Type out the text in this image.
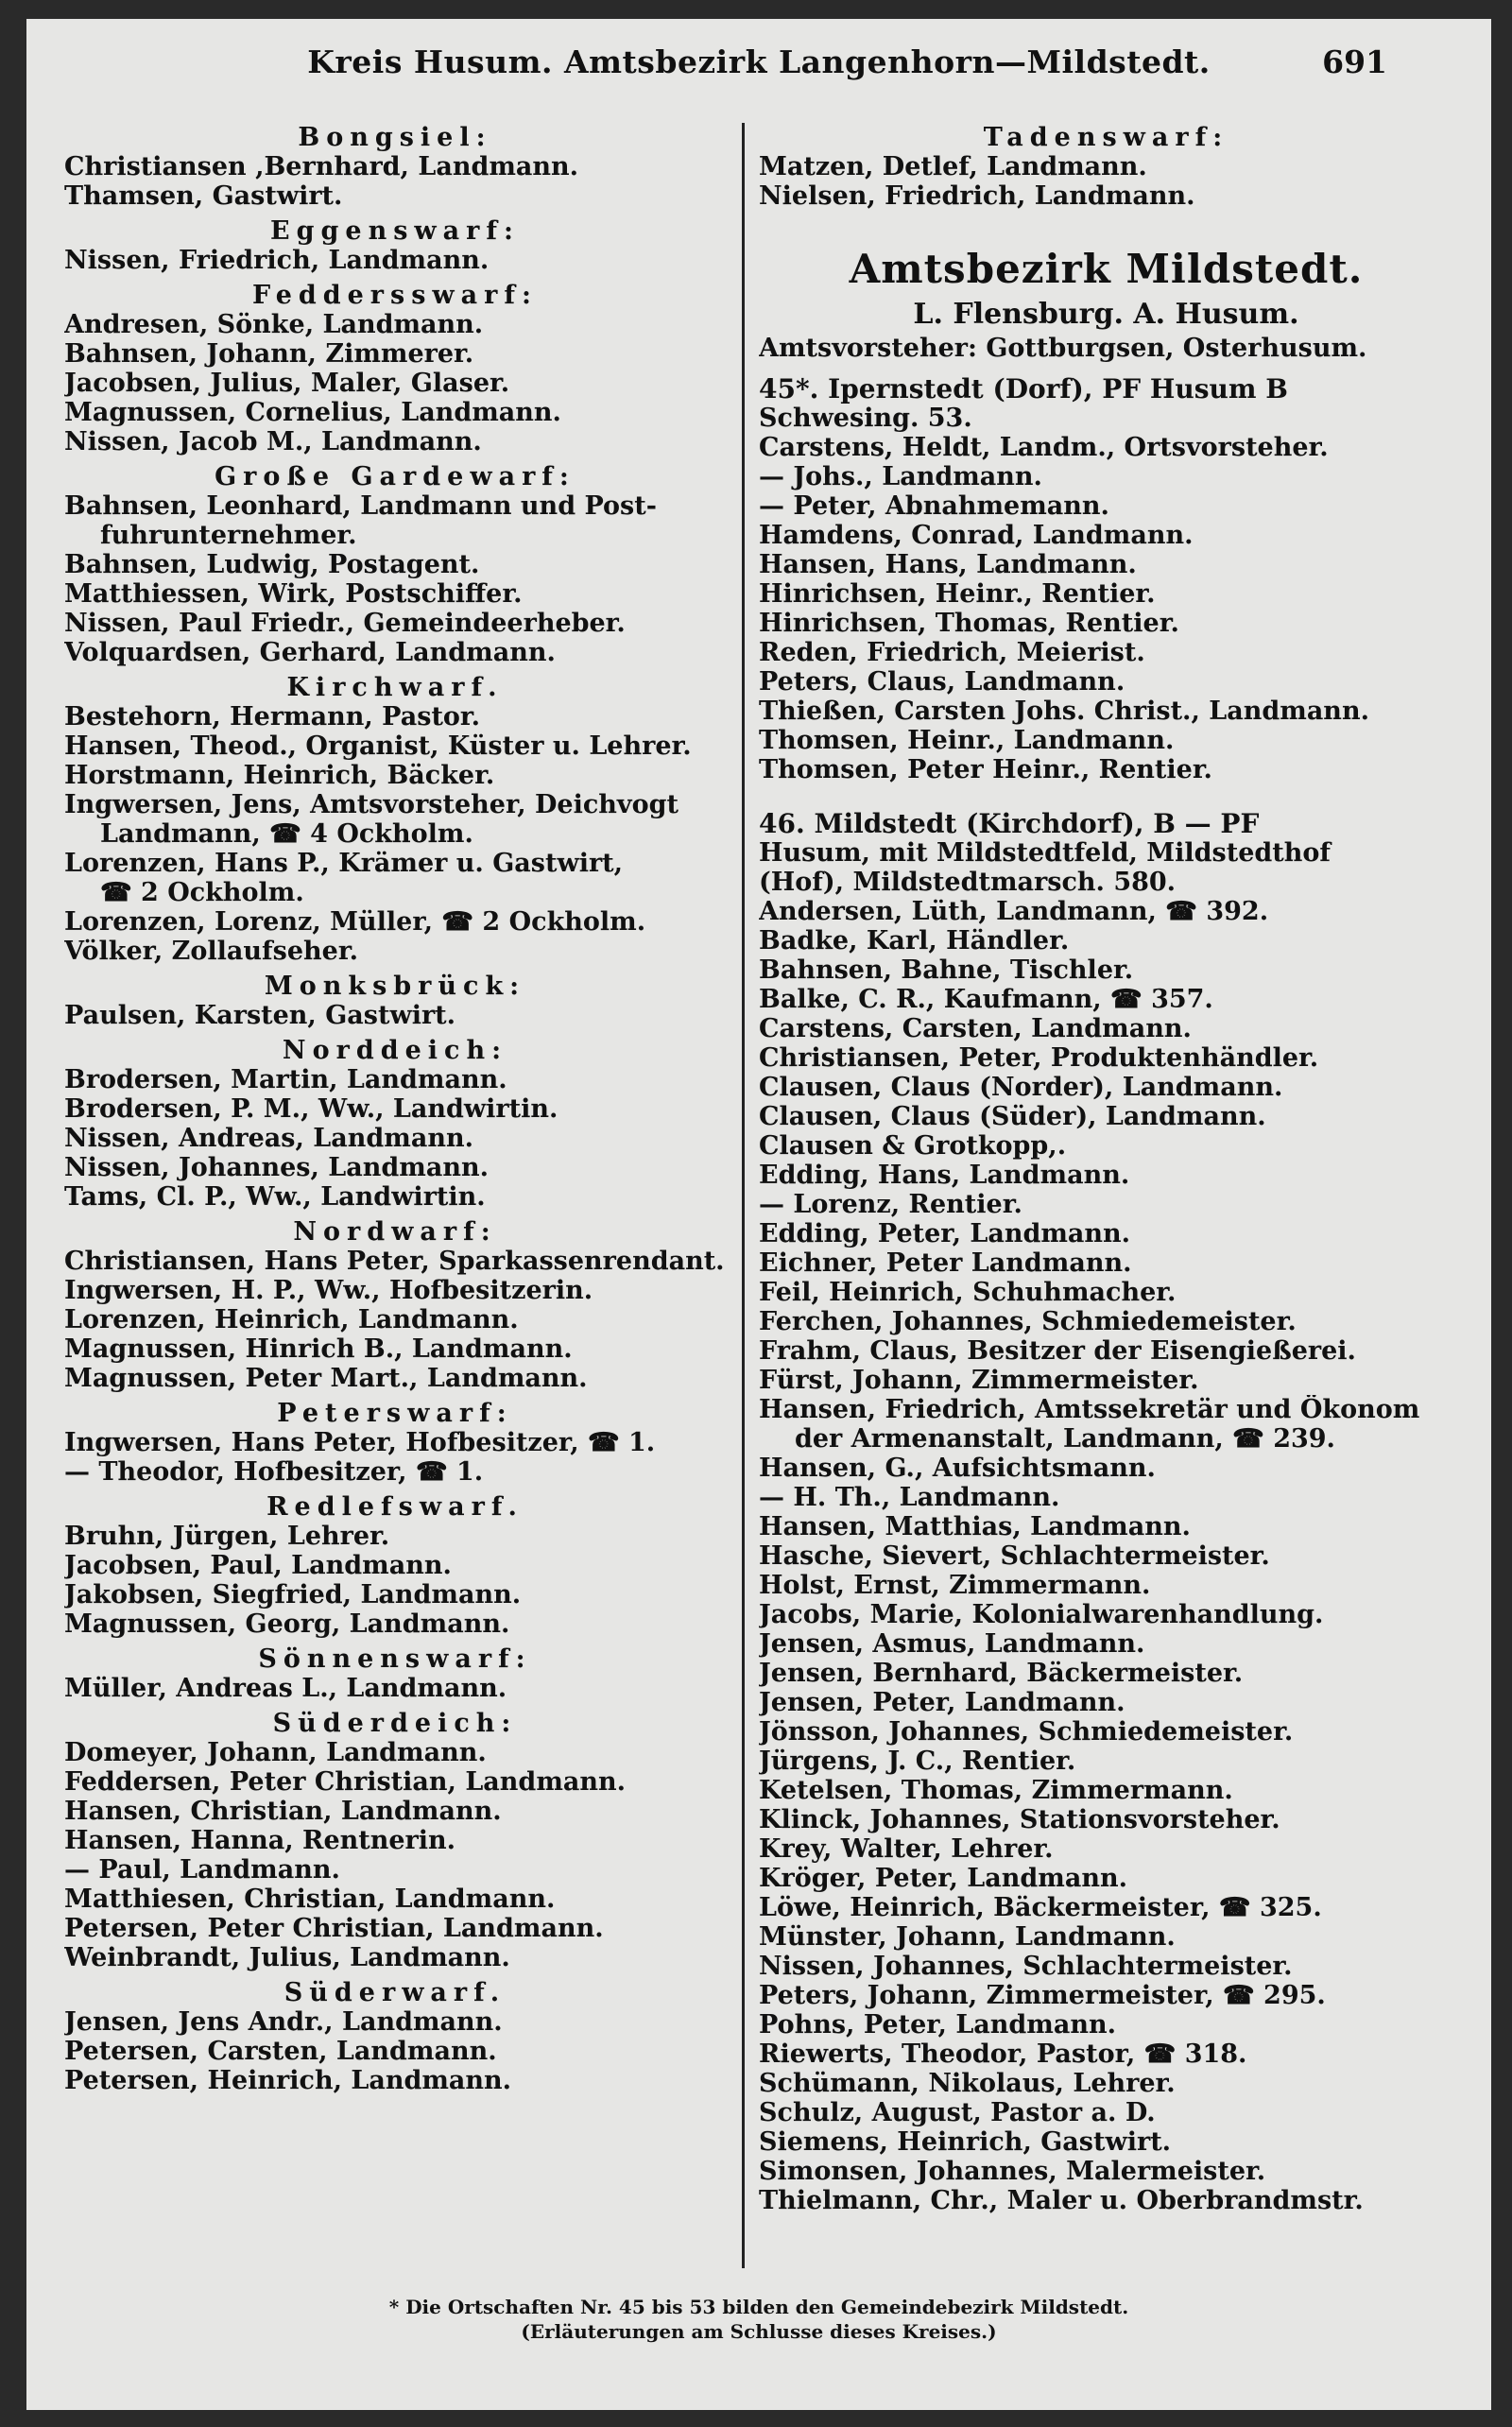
Kreis Husum. Amtsbezirk Langenhorn—Mildstedt.	691
Bongsiel:
Christiansen ,Bernhard, Landmann.
Thamsen, Gastwirt.
Eggenswarf:
Nissen, Friedrich, Landmann.
Feddersswarf:
Andresen, Sönke, Landmann.
Bahnsen, Johann, Zimmerer.
Jacobsen, Julius, Maler, Glaser.
Magnussen, Cornelius, Landmann.
Nissen, Jacob M., Landmann.
Große Gardewarf:
Bahnsen, Leonhard, Landmann und Post-
fuhrunternehmer.
Bahnsen, Ludwig, Postagent.
Matthiessen, Wirk, Postschiffer.
Nissen, Paul Friedr., Gemeindeerheber.
Volquardsen, Gerhard, Landmann.
Kirchwarf.
Bestehorn, Hermann, Pastor.
Hansen, Theod., Organist, Küster u. Lehrer.
Horstmann, Heinrich, Bäcker.
Ingwersen, Jens, Amtsvorsteher, Deichvogt
Landmann, ☎ 4 Ockholm.
Lorenzen, Hans P., Krämer u. Gastwirt,
☎ 2 Ockholm.
Lorenzen, Lorenz, Müller, ☎ 2 Ockholm.
Völker, Zollaufseher.
Monksbrück:
Paulsen, Karsten, Gastwirt.
Norddeich:
Brodersen, Martin, Landmann.
Brodersen, P. M., Ww., Landwirtin.
Nissen, Andreas, Landmann.
Nissen, Johannes, Landmann.
Tams, Cl. P., Ww., Landwirtin.
Nordwarf:
Christiansen, Hans Peter, Sparkassenrendant.
Ingwersen, H. P., Ww., Hofbesitzerin.
Lorenzen, Heinrich, Landmann.
Magnussen, Hinrich B., Landmann.
Magnussen, Peter Mart., Landmann.
Peterswarf:
Ingwersen, Hans Peter, Hofbesitzer, ☎ 1.
— Theodor, Hofbesitzer, ☎ 1.
Redlefswarf.
Bruhn, Jürgen, Lehrer.
Jacobsen, Paul, Landmann.
Jakobsen, Siegfried, Landmann.
Magnussen, Georg, Landmann.
Sönnenswarf:
Müller, Andreas L., Landmann.
Süderdeich:
Domeyer, Johann, Landmann.
Feddersen, Peter Christian, Landmann.
Hansen, Christian, Landmann.
Hansen, Hanna, Rentnerin.
— Paul, Landmann.
Matthiesen, Christian, Landmann.
Petersen, Peter Christian, Landmann.
Weinbrandt, Julius, Landmann.
Süderwarf.
Jensen, Jens Andr., Landmann.
Petersen, Carsten, Landmann.
Petersen, Heinrich, Landmann.
Tadenswarf:
Matzen, Detlef, Landmann.
Nielsen, Friedrich, Landmann.
Amtsbezirk Mildstedt.
L. Flensburg. A. Husum.
Amtsvorsteher: Gottburgsen, Osterhusum.
45*. Ipernstedt (Dorf), PF Husum B
Schwesing. 53.
Carstens, Heldt, Landm., Ortsvorsteher.
— Johs., Landmann.
— Peter, Abnahmemann.
Hamdens, Conrad, Landmann.
Hansen, Hans, Landmann.
Hinrichsen, Heinr., Rentier.
Hinrichsen, Thomas, Rentier.
Reden, Friedrich, Meierist.
Peters, Claus, Landmann.
Thießen, Carsten Johs. Christ., Landmann.
Thomsen, Heinr., Landmann.
Thomsen, Peter Heinr., Rentier.
46. Mildstedt (Kirchdorf), B — PF
Husum, mit Mildstedtfeld, Mildstedthof
(Hof), Mildstedtmarsch. 580.
Andersen, Lüth, Landmann, ☎ 392.
Badke, Karl, Händler.
Bahnsen, Bahne, Tischler.
Balke, C. R., Kaufmann, ☎ 357.
Carstens, Carsten, Landmann.
Christiansen, Peter, Produktenhändler.
Clausen, Claus (Norder), Landmann.
Clausen, Claus (Süder), Landmann.
Clausen & Grotkopp,.
Edding, Hans, Landmann.
— Lorenz, Rentier.
Edding, Peter, Landmann.
Eichner, Peter Landmann.
Feil, Heinrich, Schuhmacher.
Ferchen, Johannes, Schmiedemeister.
Frahm, Claus, Besitzer der Eisengießerei.
Fürst, Johann, Zimmermeister.
Hansen, Friedrich, Amtssekretär und Ökonom
der Armenanstalt, Landmann, ☎ 239.
Hansen, G., Aufsichtsmann.
— H. Th., Landmann.
Hansen, Matthias, Landmann.
Hasche, Sievert, Schlachtermeister.
Holst, Ernst, Zimmermann.
Jacobs, Marie, Kolonialwarenhandlung.
Jensen, Asmus, Landmann.
Jensen, Bernhard, Bäckermeister.
Jensen, Peter, Landmann.
Jönsson, Johannes, Schmiedemeister.
Jürgens, J. C., Rentier.
Ketelsen, Thomas, Zimmermann.
Klinck, Johannes, Stationsvorsteher.
Krey, Walter, Lehrer.
Kröger, Peter, Landmann.
Löwe, Heinrich, Bäckermeister, ☎ 325.
Münster, Johann, Landmann.
Nissen, Johannes, Schlachtermeister.
Peters, Johann, Zimmermeister, ☎ 295.
Pohns, Peter, Landmann.
Riewerts, Theodor, Pastor, ☎ 318.
Schümann, Nikolaus, Lehrer.
Schulz, August, Pastor a. D.
Siemens, Heinrich, Gastwirt.
Simonsen, Johannes, Malermeister.
Thielmann, Chr., Maler u. Oberbrandmstr.
* Die Ortschaften Nr. 45 bis 53 bilden den Gemeindebezirk Mildstedt.
(Erläuterungen am Schlusse dieses Kreises.)
